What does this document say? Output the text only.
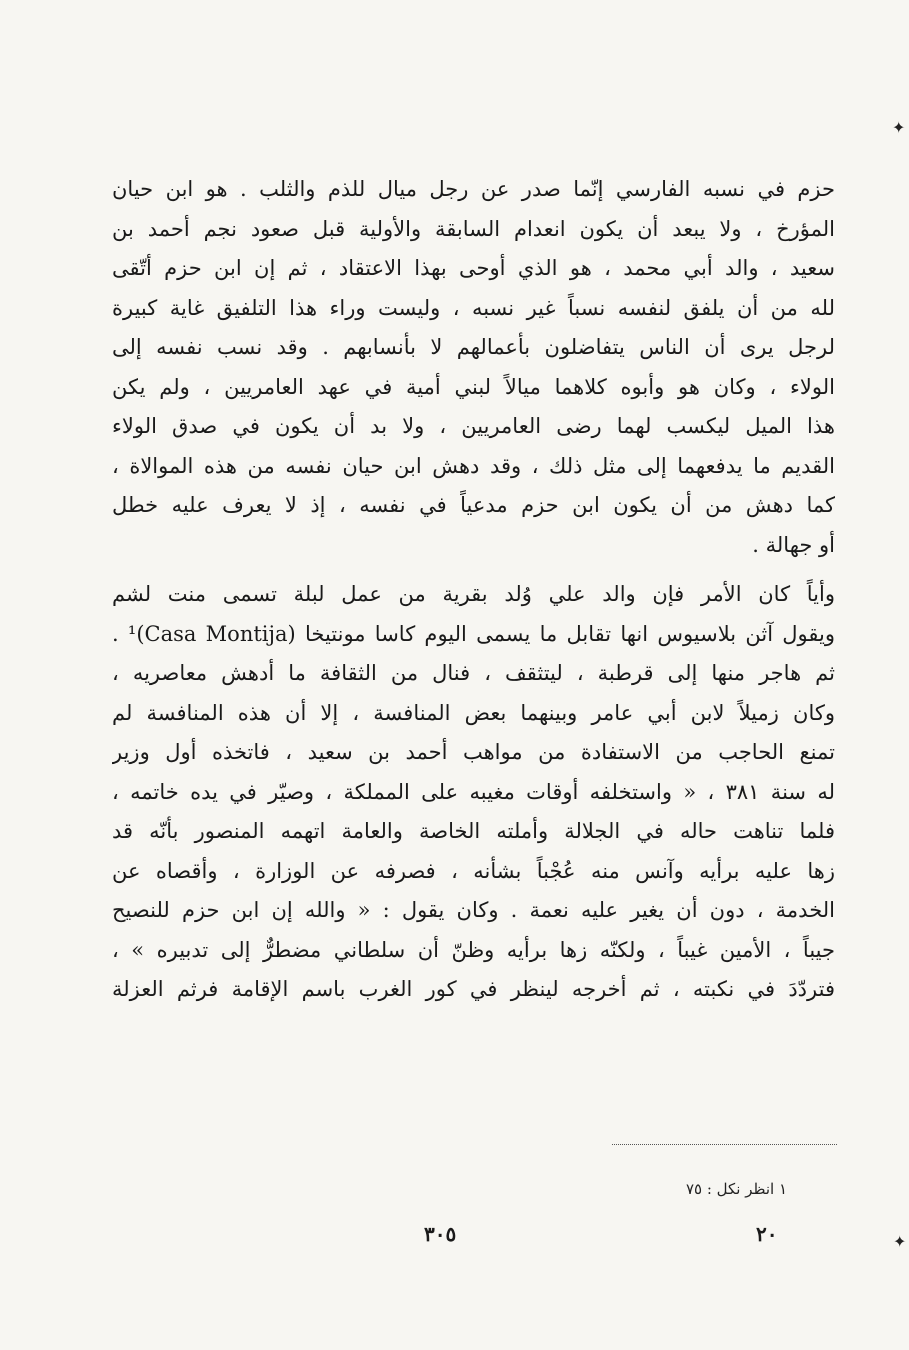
✦
حزم في نسبه الفارسي إنّما صدر عن رجل ميال للذم والثلب . هو ابن حيان
المؤرخ ، ولا يبعد أن يكون انعدام السابقة والأولية قبل صعود نجم أحمد بن
سعيد ، والد أبي محمد ، هو الذي أوحى بهذا الاعتقاد ، ثم إن ابن حزم أتّقى
لله من أن يلفق لنفسه نسباً غير نسبه ، وليست وراء هذا التلفيق غاية كبيرة
لرجل يرى أن الناس يتفاضلون بأعمالهم لا بأنسابهم . وقد نسب نفسه إلى
الولاء ، وكان هو وأبوه كلاهما ميالاً لبني أمية في عهد العامريين ، ولم يكن
هذا الميل ليكسب لهما رضى العامريين ، ولا بد أن يكون في صدق الولاء
القديم ما يدفعهما إلى مثل ذلك ، وقد دهش ابن حيان نفسه من هذه الموالاة ،
كما دهش من أن يكون ابن حزم مدعياً في نفسه ، إذ لا يعرف عليه خطل
أو جهالة .
وأياً كان الأمر فإن والد علي وُلد بقرية من عمل لبلة تسمى منت لشم
ويقول آثن بلاسيوس انها تقابل ما يسمى اليوم كاسا مونتيخا (Casa Montija)¹ .
ثم هاجر منها إلى قرطبة ، ليتثقف ، فنال من الثقافة ما أدهش معاصريه ،
وكان زميلاً لابن أبي عامر وبينهما بعض المنافسة ، إلا أن هذه المنافسة لم
تمنع الحاجب من الاستفادة من مواهب أحمد بن سعيد ، فاتخذه أول وزير
له سنة ٣٨١ ، « واستخلفه أوقات مغيبه على المملكة ، وصيّر في يده خاتمه ،
فلما تناهت حاله في الجلالة وأملته الخاصة والعامة اتهمه المنصور بأنّه قد
زها عليه برأيه وآنس منه عُجْباً بشأنه ، فصرفه عن الوزارة ، وأقصاه عن
الخدمة ، دون أن يغير عليه نعمة . وكان يقول : « والله إن ابن حزم للنصيح
جيباً ، الأمين غيباً ، ولكنّه زها برأيه وظنّ أن سلطاني مضطرٌّ إلى تدبيره » ،
فتردّدَ في نكبته ، ثم أخرجه لينظر في كور الغرب باسم الإقامة فرثم العزلة
١ انظر نكل : ٧٥
٣٠٥	٢٠	✦
